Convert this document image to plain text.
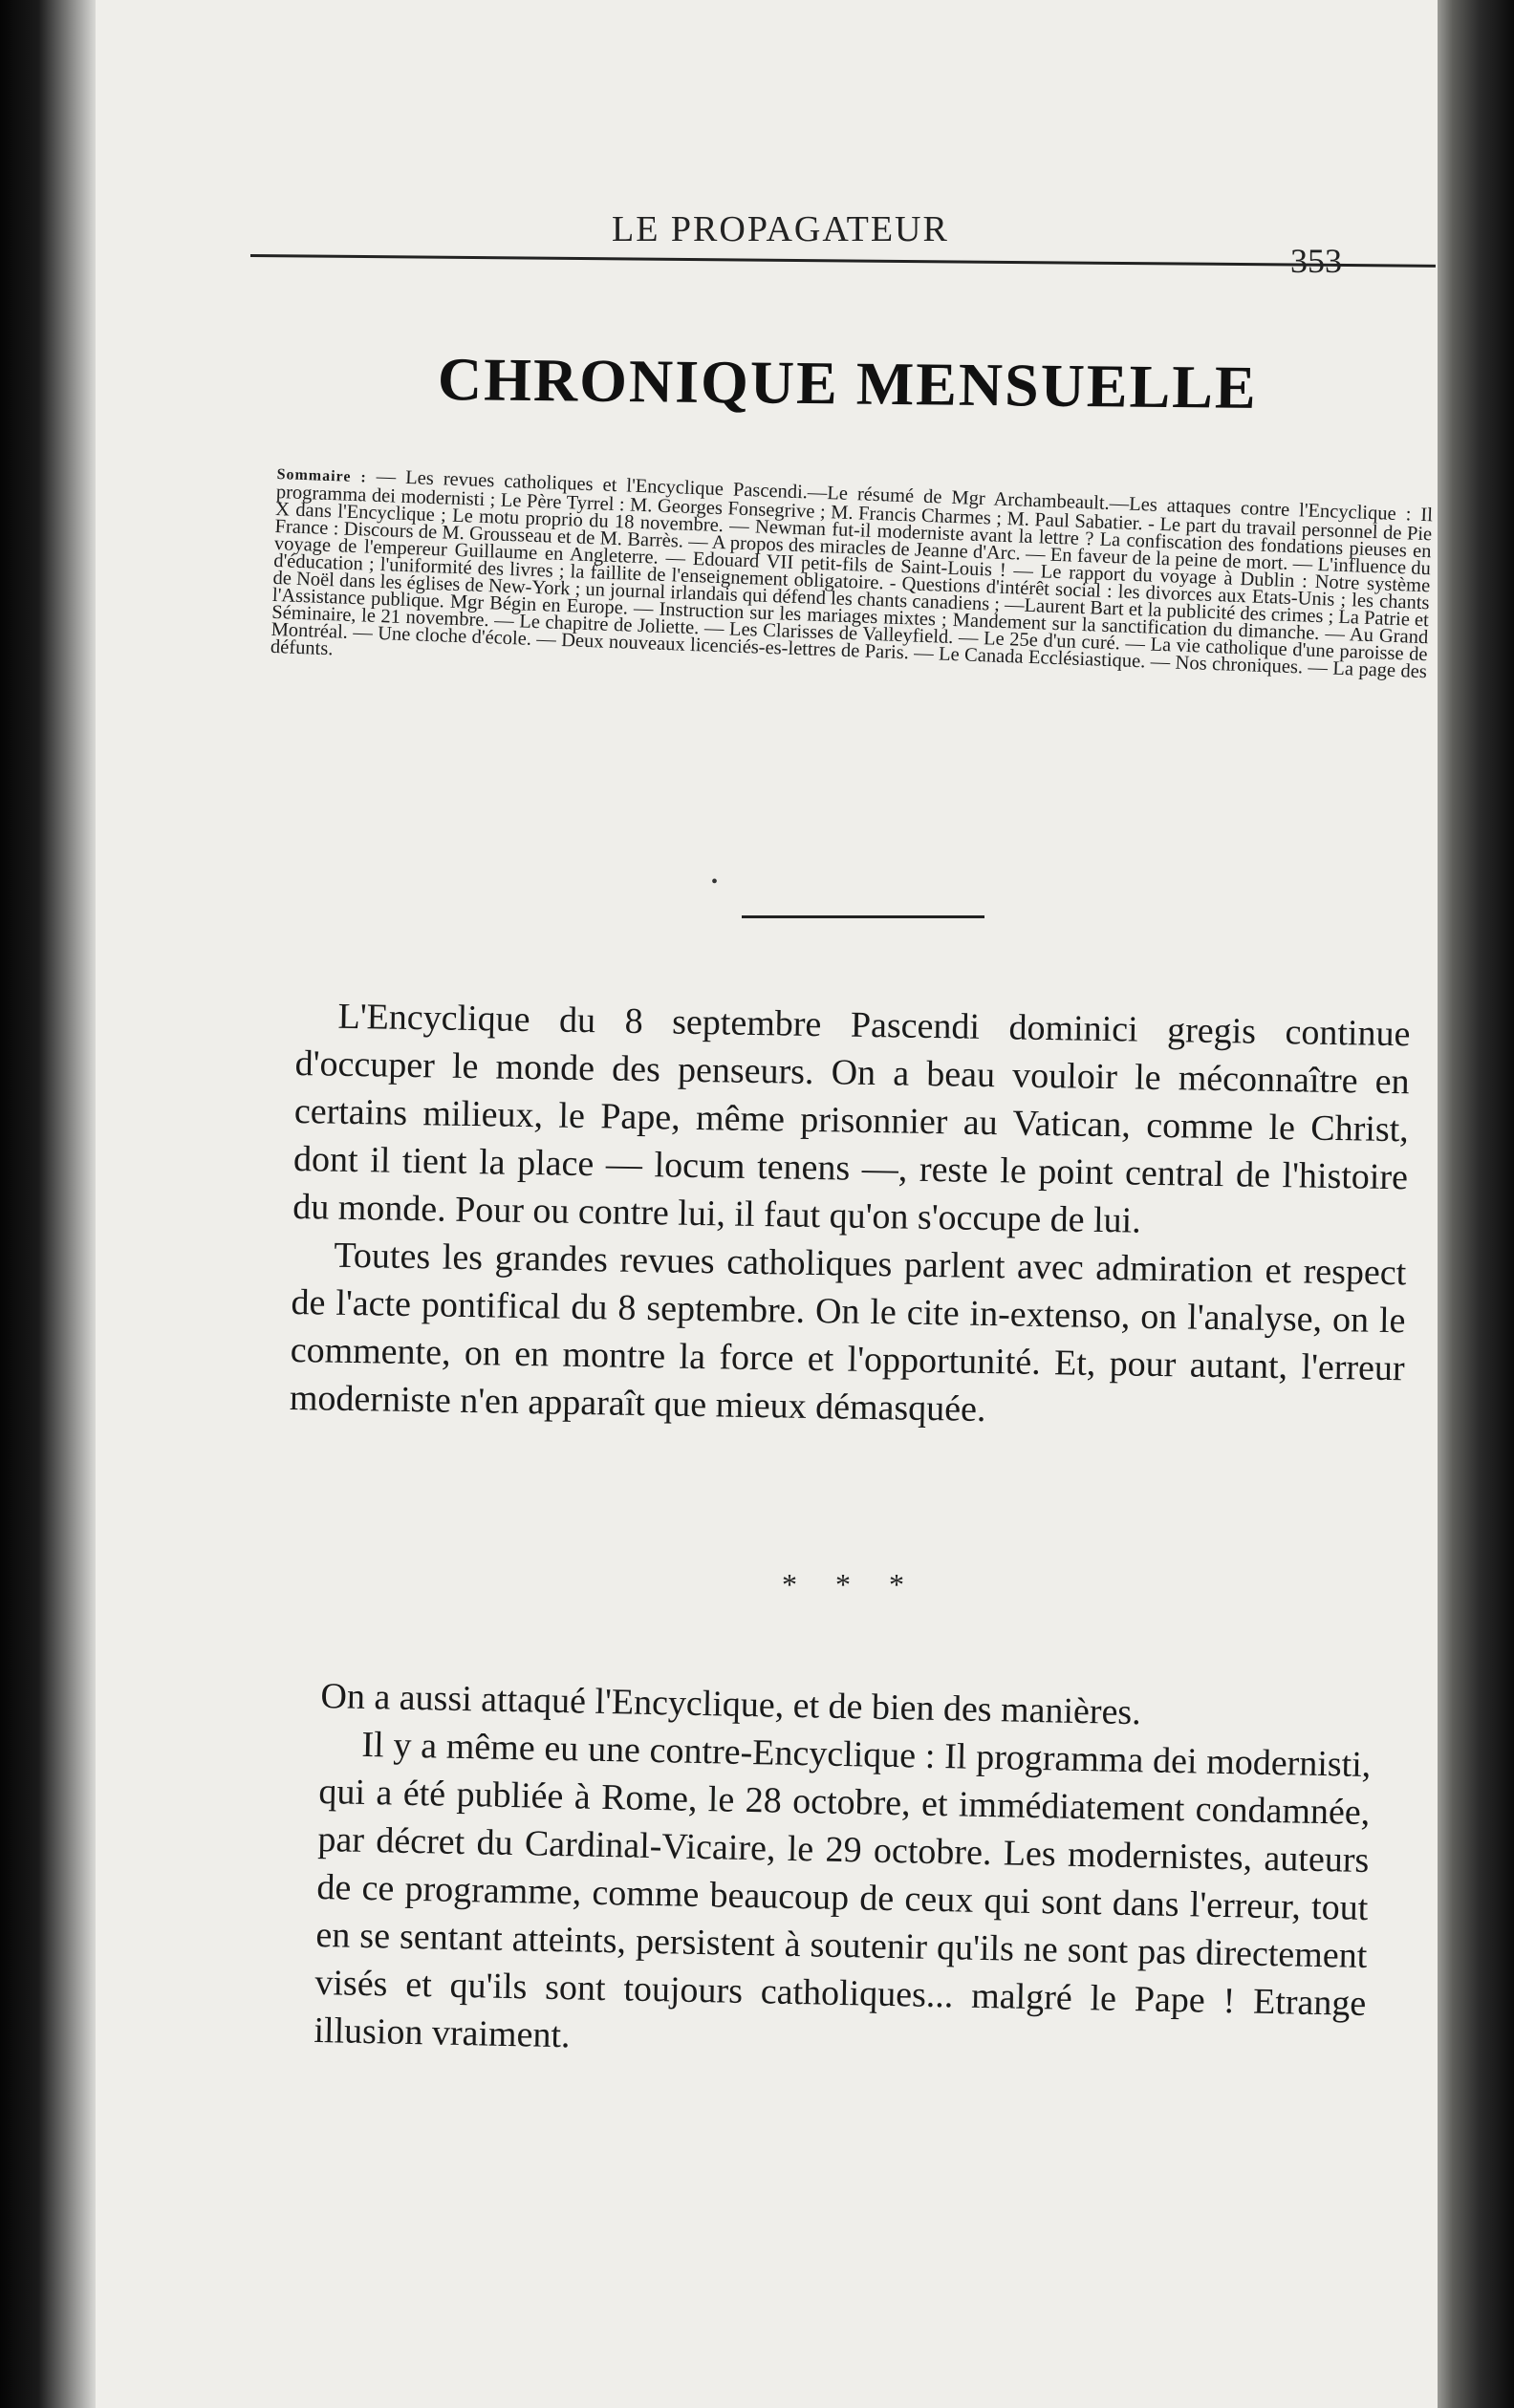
LE PROPAGATEUR
353
CHRONIQUE MENSUELLE
Sommaire : — Les revues catholiques et l'Encyclique Pascendi.—Le résumé de Mgr Archambeault.—Les attaques contre l'Encyclique : Il programma dei modernisti ; Le Père Tyrrel : M. Georges Fonsegrive ; M. Francis Charmes ; M. Paul Sabatier. - Le part du travail personnel de Pie X dans l'Encyclique ; Le motu proprio du 18 novembre. — Newman fut-il moderniste avant la lettre ? La confiscation des fondations pieuses en France : Discours de M. Grousseau et de M. Barrès. — A propos des miracles de Jeanne d'Arc. — En faveur de la peine de mort. — L'influence du voyage de l'empereur Guillaume en Angleterre. — Edouard VII petit-fils de Saint-Louis ! — Le rapport du voyage à Dublin : Notre système d'éducation ; l'uniformité des livres ; la faillite de l'enseignement obligatoire. - Questions d'intérêt social : les divorces aux Etats-Unis ; les chants de Noël dans les églises de New-York ; un journal irlandais qui défend les chants canadiens ; —Laurent Bart et la publicité des crimes ; La Patrie et l'Assistance publique. Mgr Bégin en Europe. — Instruction sur les mariages mixtes ; Mandement sur la sanctification du dimanche. — Au Grand Séminaire, le 21 novembre. — Le chapitre de Joliette. — Les Clarisses de Valleyfield. — Le 25e d'un curé. — La vie catholique d'une paroisse de Montréal. — Une cloche d'école. — Deux nouveaux licenciés-es-lettres de Paris. — Le Canada Ecclésiastique. — Nos chroniques. — La page des défunts.
•

L'Encyclique du 8 septembre Pascendi dominici gregis continue d'occuper le monde des penseurs. On a beau vouloir le méconnaître en certains milieux, le Pape, même prisonnier au Vatican, comme le Christ, dont il tient la place — locum tenens —, reste le point central de l'histoire du monde. Pour ou contre lui, il faut qu'on s'occupe de lui.

Toutes les grandes revues catholiques parlent avec admiration et respect de l'acte pontifical du 8 septembre. On le cite in-extenso, on l'analyse, on le commente, on en montre la force et l'opportunité. Et, pour autant, l'erreur moderniste n'en apparaît que mieux démasquée.

* * *

On a aussi attaqué l'Encyclique, et de bien des manières.

Il y a même eu une contre-Encyclique : Il programma dei modernisti, qui a été publiée à Rome, le 28 octobre, et immédiatement condamnée, par décret du Cardinal-Vicaire, le 29 octobre. Les modernistes, auteurs de ce programme, comme beaucoup de ceux qui sont dans l'erreur, tout en se sentant atteints, persistent à soutenir qu'ils ne sont pas directement visés et qu'ils sont toujours catholiques... malgré le Pape ! Etrange illusion vraiment.
